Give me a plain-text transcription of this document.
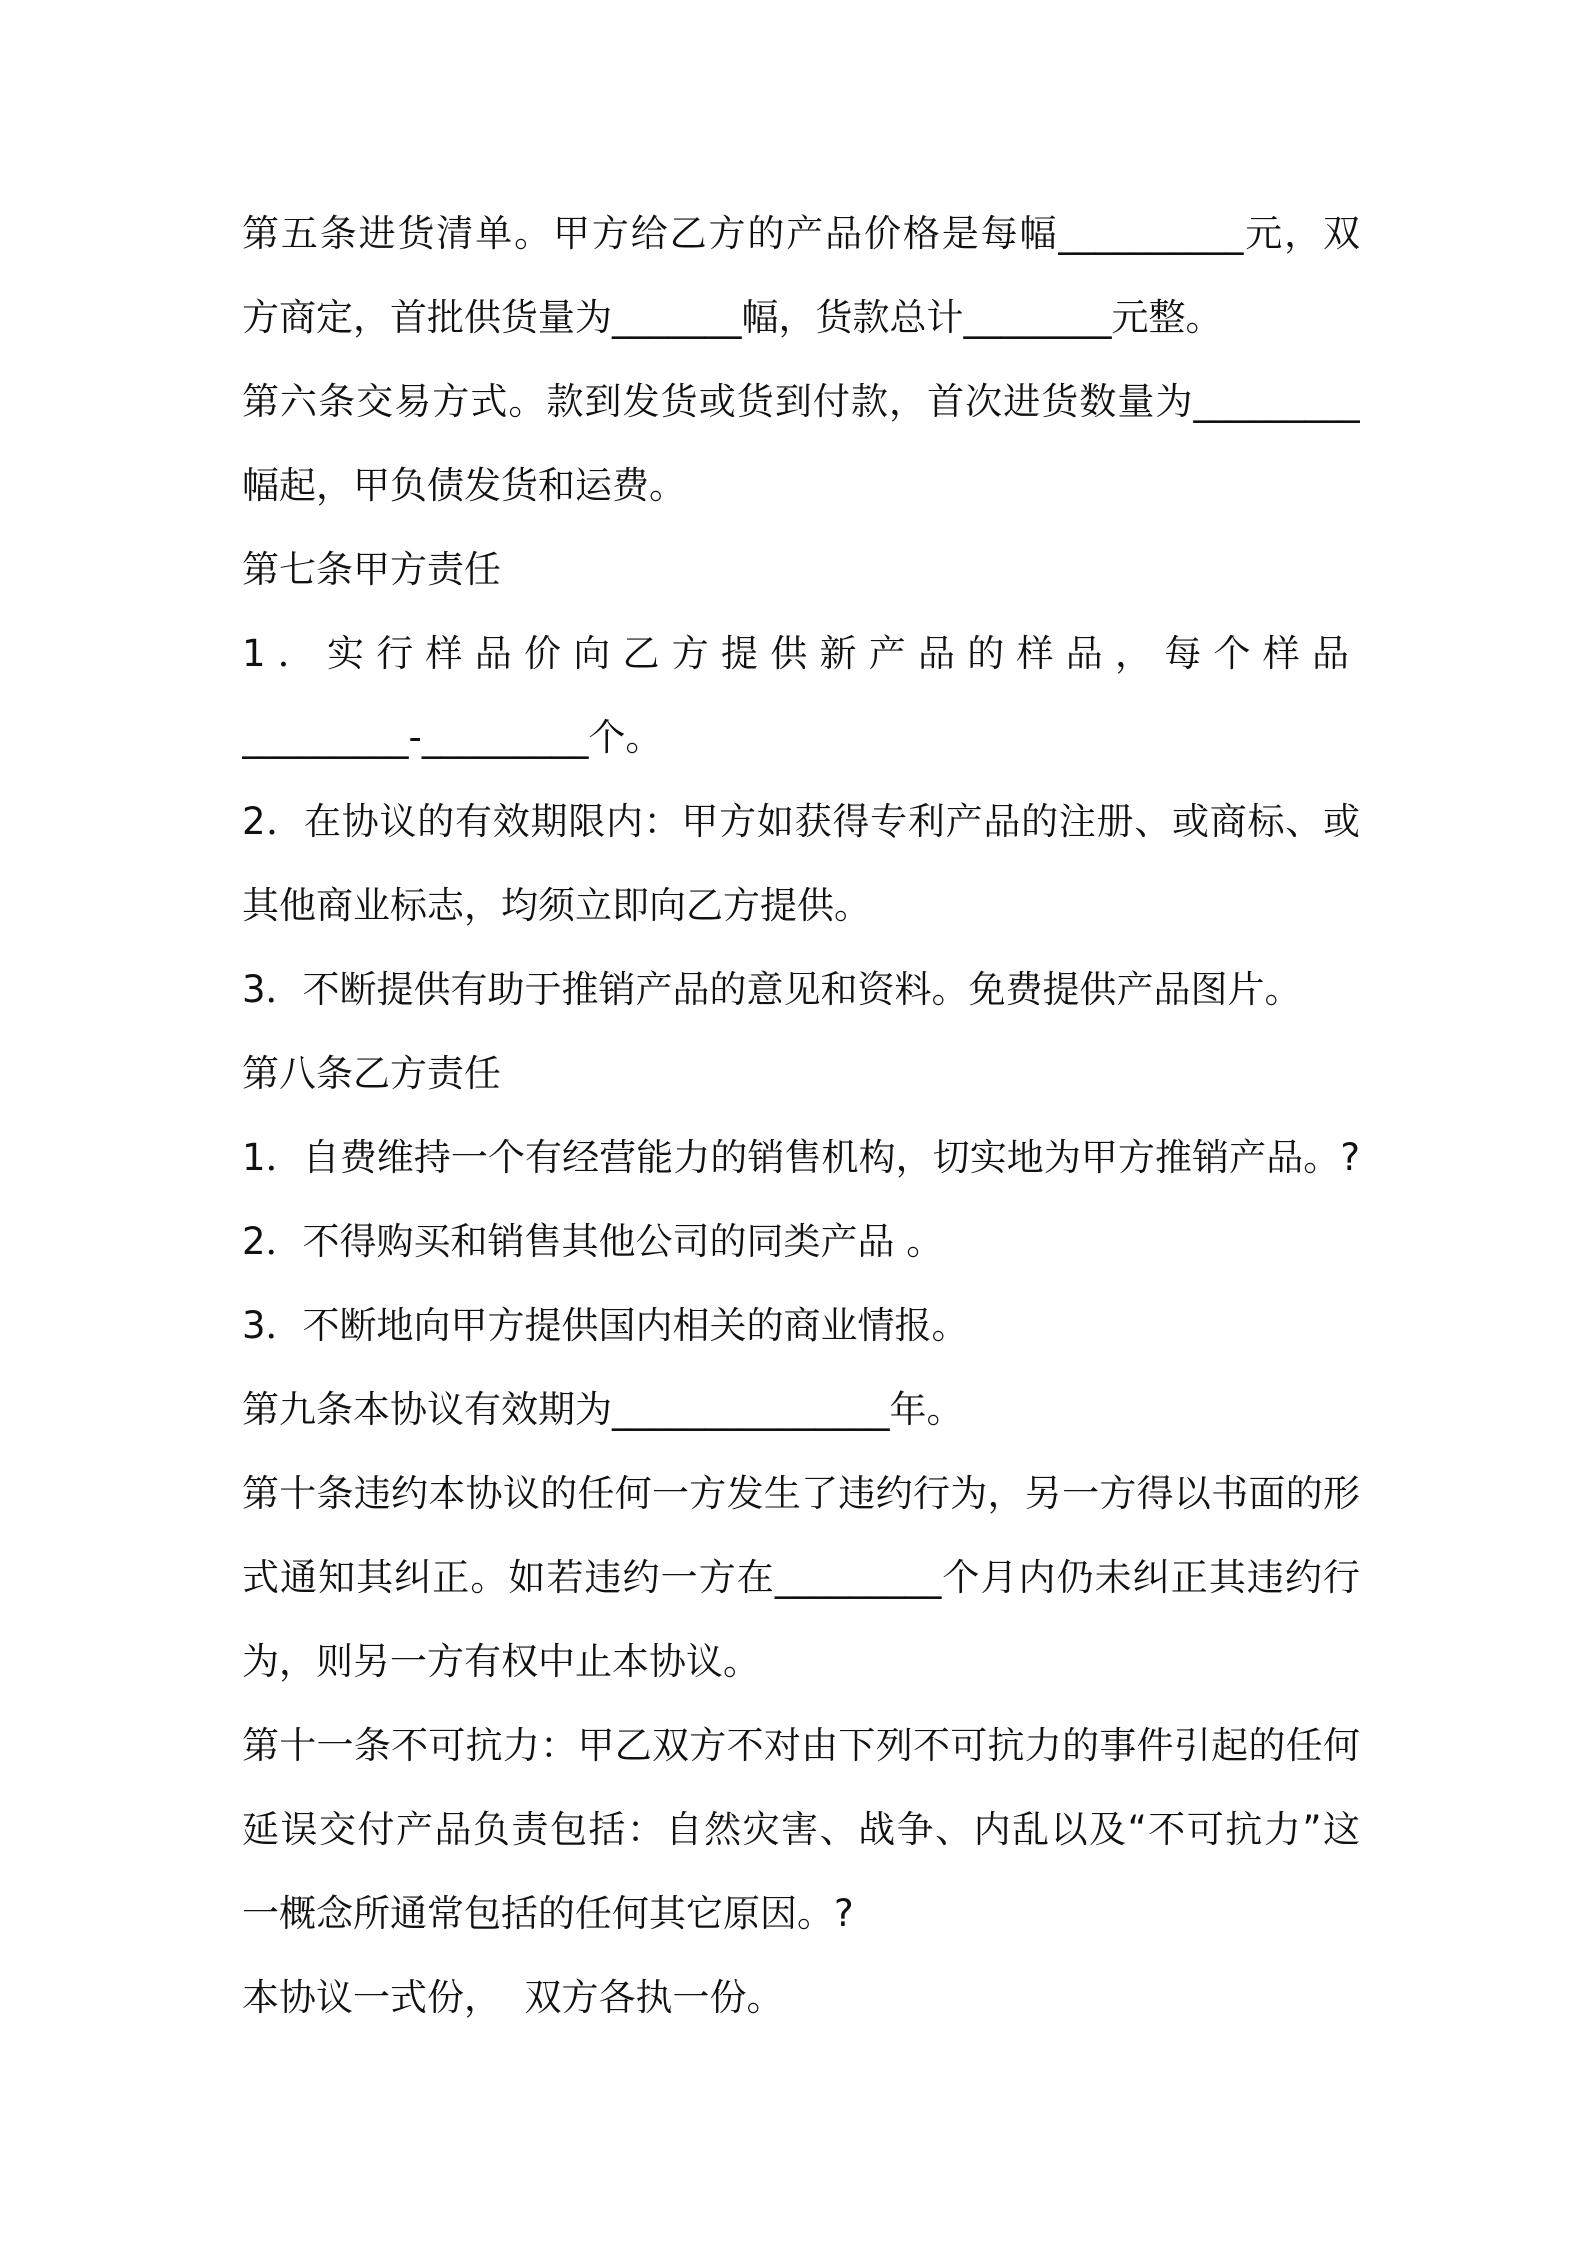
第五条进货清单。甲方给乙方的产品价格是每幅__________元，双
方商定，首批供货量为_______幅，货款总计________元整。
第六条交易方式。款到发货或货到付款，首次进货数量为_________
幅起，甲负债发货和运费。
第七条甲方责任
1．实行样品价向乙方提供新产品的样品，每个样品
_________-_________个。
2．在协议的有效期限内：甲方如获得专利产品的注册、或商标、或
其他商业标志，均须立即向乙方提供。
3．不断提供有助于推销产品的意见和资料。免费提供产品图片。
第八条乙方责任
1．自费维持一个有经营能力的销售机构，切实地为甲方推销产品。?
2．不得购买和销售其他公司的同类产品 。
3．不断地向甲方提供国内相关的商业情报。
第九条本协议有效期为_______________年。
第十条违约本协议的任何一方发生了违约行为，另一方得以书面的形
式通知其纠正。如若违约一方在_________个月内仍未纠正其违约行
为，则另一方有权中止本协议。
第十一条不可抗力：甲乙双方不对由下列不可抗力的事件引起的任何
延误交付产品负责包括：自然灾害、战争、内乱以及“不可抗力”这
一概念所通常包括的任何其它原因。?
本协议一式份，  双方各执一份。
